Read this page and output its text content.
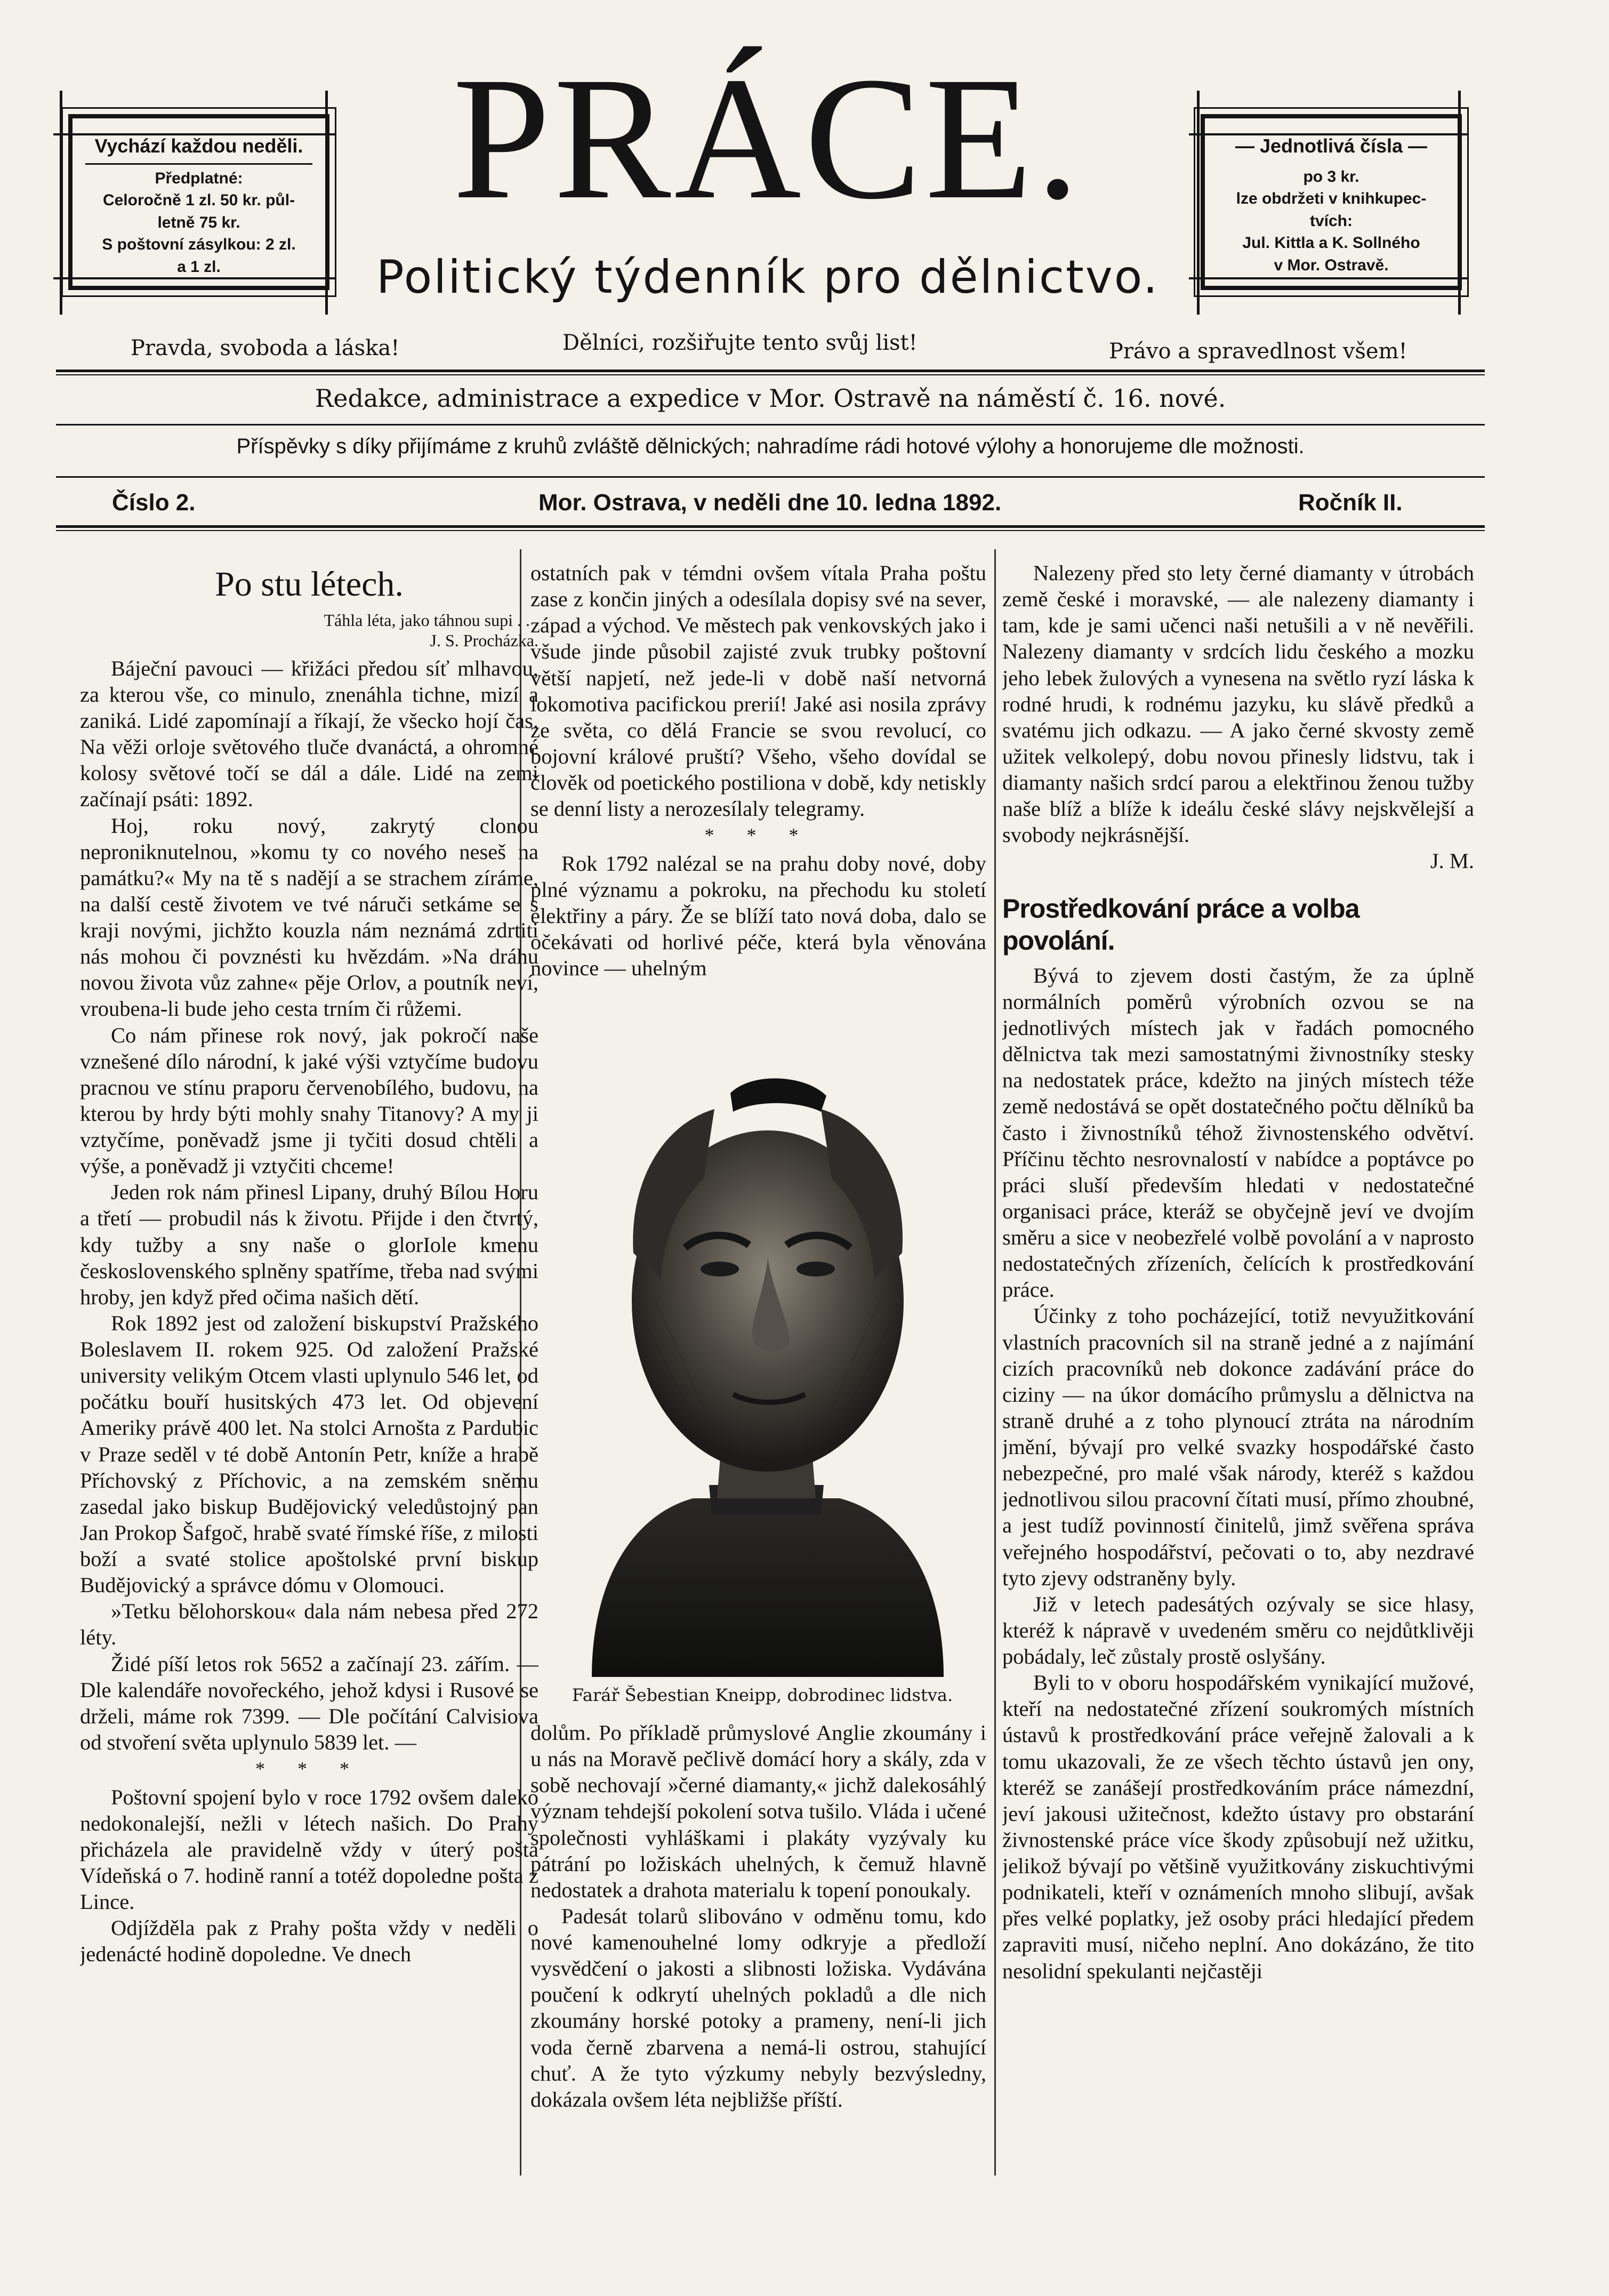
Vychází každou neděli.
Předplatné:
Celoročně 1 zl. 50 kr. půl-
letně 75 kr.
S poštovní zásylkou: 2 zl.
a 1 zl.
— Jednotlivá čísla —
po 3 kr.
lze obdržeti v knihkupec-
tvích:
Jul. Kittla a K. Sollného
v Mor. Ostravě.
PRÁCE.
Politický týdenník pro dělnictvo.
Pravda, svoboda a láska!	Dělníci, rozšiřujte tento svůj list!	Právo a spravedlnost všem!
Redakce, administrace a expedice v Mor. Ostravě na náměstí č. 16. nové.
Příspěvky s díky přijímáme z kruhů zvláště dělnických; nahradíme rádi hotové výlohy a honorujeme dle možnosti.
Číslo 2.	Mor. Ostrava, v neděli dne 10. ledna 1892.	Ročník II.
Po stu létech.
Táhla léta, jako táhnou supi . . .
J. S. Procházka.

Báječní pavouci — křižáci předou síť mlhavou, za kterou vše, co minulo, znenáhla tichne, mizí a zaniká. Lidé zapomínají a říkají, že všecko hojí čas. Na věži orloje světového tluče dvanáctá, a ohromné kolosy světové točí se dál a dále. Lidé na zemi začínají psáti: 1892.

Hoj, roku nový, zakrytý clonou neproniknutelnou, »komu ty co nového neseš na památku?« My na tě s nadějí a se strachem zíráme, na další cestě životem ve tvé náruči setkáme se s kraji novými, jichžto kouzla nám neznámá zdrtiti nás mohou či povznésti ku hvězdám. »Na dráhu novou života vůz zahne« pěje Orlov, a poutník neví, vroubena-li bude jeho cesta trním či růžemi.

Co nám přinese rok nový, jak pokročí naše vznešené dílo národní, k jaké výši vztyčíme budovu pracnou ve stínu praporu červenobílého, budovu, na kterou by hrdy býti mohly snahy Titanovy? A my ji vztyčíme, poněvadž jsme ji tyčiti dosud chtěli a výše, a poněvadž ji vztyčiti chceme!

Jeden rok nám přinesl Lipany, druhý Bílou Horu a třetí — probudil nás k životu. Přijde i den čtvrtý, kdy tužby a sny naše o glorIole kmenu československého splněny spatříme, třeba nad svými hroby, jen když před očima našich dětí.

Rok 1892 jest od založení biskupství Pražského Boleslavem II. rokem 925. Od založení Pražské university velikým Otcem vlasti uplynulo 546 let, od počátku bouří husitských 473 let. Od objevení Ameriky právě 400 let. Na stolci Arnošta z Pardubic v Praze seděl v té době Antonín Petr, kníže a hrabě Příchovský z Příchovic, a na zemském sněmu zasedal jako biskup Budějovický veledůstojný pan Jan Prokop Šafgoč, hrabě svaté římské říše, z milosti boží a svaté stolice apoštolské první biskup Budějovický a správce dómu v Olomouci.

»Tetku bělohorskou« dala nám nebesa před 272 léty.

Židé píší letos rok 5652 a začínají 23. zářím. — Dle kalendáře novořeckého, jehož kdysi i Rusové se drželi, máme rok 7399. — Dle počítání Calvisiova od stvoření světa uplynulo 5839 let. —

* * *

Poštovní spojení bylo v roce 1792 ovšem daleko nedokonalejší, nežli v létech našich. Do Prahy přicházela ale pravidelně vždy v úterý pošta Vídeňská o 7. hodině ranní a totéž dopoledne pošta z Lince.

Odjížděla pak z Prahy pošta vždy v neděli o jedenácté hodině dopoledne. Ve dnech

ostatních pak v témdni ovšem vítala Praha poštu zase z končin jiných a odesílala dopisy své na sever, západ a východ. Ve městech pak venkovských jako i všude jinde působil zajisté zvuk trubky poštovní větší napjetí, než jede-li v době naší netvorná lokomotiva pacifickou prerií! Jaké asi nosila zprávy ze světa, co dělá Francie se svou revolucí, co bojovní králové pruští? Všeho, všeho dovídal se člověk od poetického postiliona v době, kdy netiskly se denní listy a nerozesílaly telegramy.

* * *

Rok 1792 nalézal se na prahu doby nové, doby plné významu a pokroku, na přechodu ku století elektřiny a páry. Že se blíží tato nová doba, dalo se očekávati od horlivé péče, která byla věnována novince — uhelným

Farář Šebestian Kneipp, dobrodinec lidstva.

dolům. Po příkladě průmyslové Anglie zkoumány i u nás na Moravě pečlivě domácí hory a skály, zda v sobě nechovají »černé diamanty,« jichž dalekosáhlý význam tehdejší pokolení sotva tušilo. Vláda i učené společnosti vyhláškami i plakáty vyzývaly ku pátrání po ložiskách uhelných, k čemuž hlavně nedostatek a drahota materialu k topení ponoukaly.

Padesát tolarů slibováno v odměnu tomu, kdo nové kamenouhelné lomy odkryje a předloží vysvědčení o jakosti a slibnosti ložiska. Vydávána poučení k odkrytí uhelných pokladů a dle nich zkoumány horské potoky a prameny, není-li jich voda černě zbarvena a nemá-li ostrou, stahující chuť. A že tyto výzkumy nebyly bezvýsledny, dokázala ovšem léta nejbližše příští.

Nalezeny před sto lety černé diamanty v útrobách země české i moravské, — ale nalezeny diamanty i tam, kde je sami učenci naši netušili a v ně nevěřili. Nalezeny diamanty v srdcích lidu českého a mozku jeho lebek žulových a vynesena na světlo ryzí láska k rodné hrudi, k rodnému jazyku, ku slávě předků a svatému jich odkazu. — A jako černé skvosty země užitek velkolepý, dobu novou přinesly lidstvu, tak i diamanty našich srdcí parou a elektřinou ženou tužby naše blíž a blíže k ideálu české slávy nejskvělejší a svobody nejkrásnější.

J. M.
Prostředkování práce a volba povolání.

Bývá to zjevem dosti častým, že za úplně normálních poměrů výrobních ozvou se na jednotlivých místech jak v řadách pomocného dělnictva tak mezi samostatnými živnostníky stesky na nedostatek práce, kdežto na jiných místech téže země nedostává se opět dostatečného počtu dělníků ba často i živnostníků téhož živnostenského odvětví. Příčinu těchto nesrovnalostí v nabídce a poptávce po práci sluší především hledati v nedostatečné organisaci práce, kteráž se obyčejně jeví ve dvojím směru a sice v neobezřelé volbě povolání a v naprosto nedostatečných zřízeních, čelících k prostředkování práce.

Účinky z toho pocházející, totiž nevyužitkování vlastních pracovních sil na straně jedné a z najímání cizích pracovníků neb dokonce zadávání práce do ciziny — na úkor domácího průmyslu a dělnictva na straně druhé a z toho plynoucí ztráta na národním jmění, bývají pro velké svazky hospodářské často nebezpečné, pro malé však národy, kteréž s každou jednotlivou silou pracovní čítati musí, přímo zhoubné, a jest tudíž povinností činitelů, jimž svěřena správa veřejného hospodářství, pečovati o to, aby nezdravé tyto zjevy odstraněny byly.

Již v letech padesátých ozývaly se sice hlasy, kteréž k nápravě v uvedeném směru co nejdůtklivěji pobádaly, leč zůstaly prostě oslyšány.

Byli to v oboru hospodářském vynikající mužové, kteří na nedostatečné zřízení soukromých místních ústavů k prostředkování práce veřejně žalovali a k tomu ukazovali, že ze všech těchto ústavů jen ony, kteréž se zanášejí prostředkováním práce námezdní, jeví jakousi užitečnost, kdežto ústavy pro obstarání živnostenské práce více škody způsobují než užitku, jelikož bývají po většině využitkovány ziskuchtivými podnikateli, kteří v oznámeních mnoho slibují, avšak přes velké poplatky, jež osoby práci hledající předem zapraviti musí, ničeho neplní. Ano dokázáno, že tito nesolidní spekulanti nejčastěji
